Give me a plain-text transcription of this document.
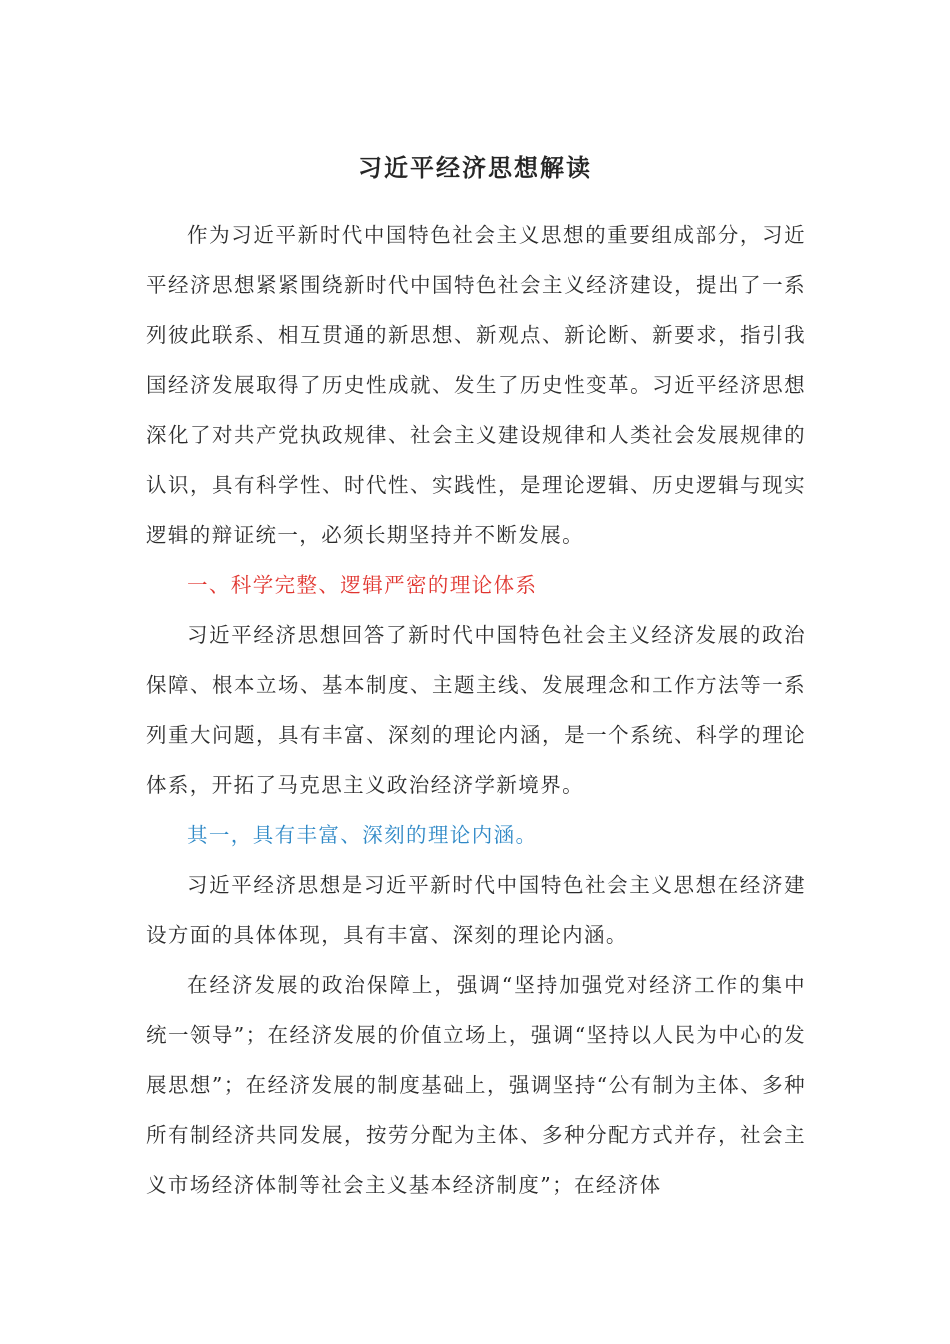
习近平经济思想解读

作为习近平新时代中国特色社会主义思想的重要组成部分，习近平经济思想紧紧围绕新时代中国特色社会主义经济建设，提出了一系列彼此联系、相互贯通的新思想、新观点、新论断、新要求，指引我国经济发展取得了历史性成就、发生了历史性变革。习近平经济思想深化了对共产党执政规律、社会主义建设规律和人类社会发展规律的认识，具有科学性、时代性、实践性，是理论逻辑、历史逻辑与现实逻辑的辩证统一，必须长期坚持并不断发展。

一、科学完整、逻辑严密的理论体系

习近平经济思想回答了新时代中国特色社会主义经济发展的政治保障、根本立场、基本制度、主题主线、发展理念和工作方法等一系列重大问题，具有丰富、深刻的理论内涵，是一个系统、科学的理论体系，开拓了马克思主义政治经济学新境界。

其一，具有丰富、深刻的理论内涵。

习近平经济思想是习近平新时代中国特色社会主义思想在经济建设方面的具体体现，具有丰富、深刻的理论内涵。

在经济发展的政治保障上，强调“坚持加强党对经济工作的集中统一领导”；在经济发展的价值立场上，强调“坚持以人民为中心的发展思想”；在经济发展的制度基础上，强调坚持“公有制为主体、多种所有制经济共同发展，按劳分配为主体、多种分配方式并存，社会主义市场经济体制等社会主义基本经济制度”；在经济体
